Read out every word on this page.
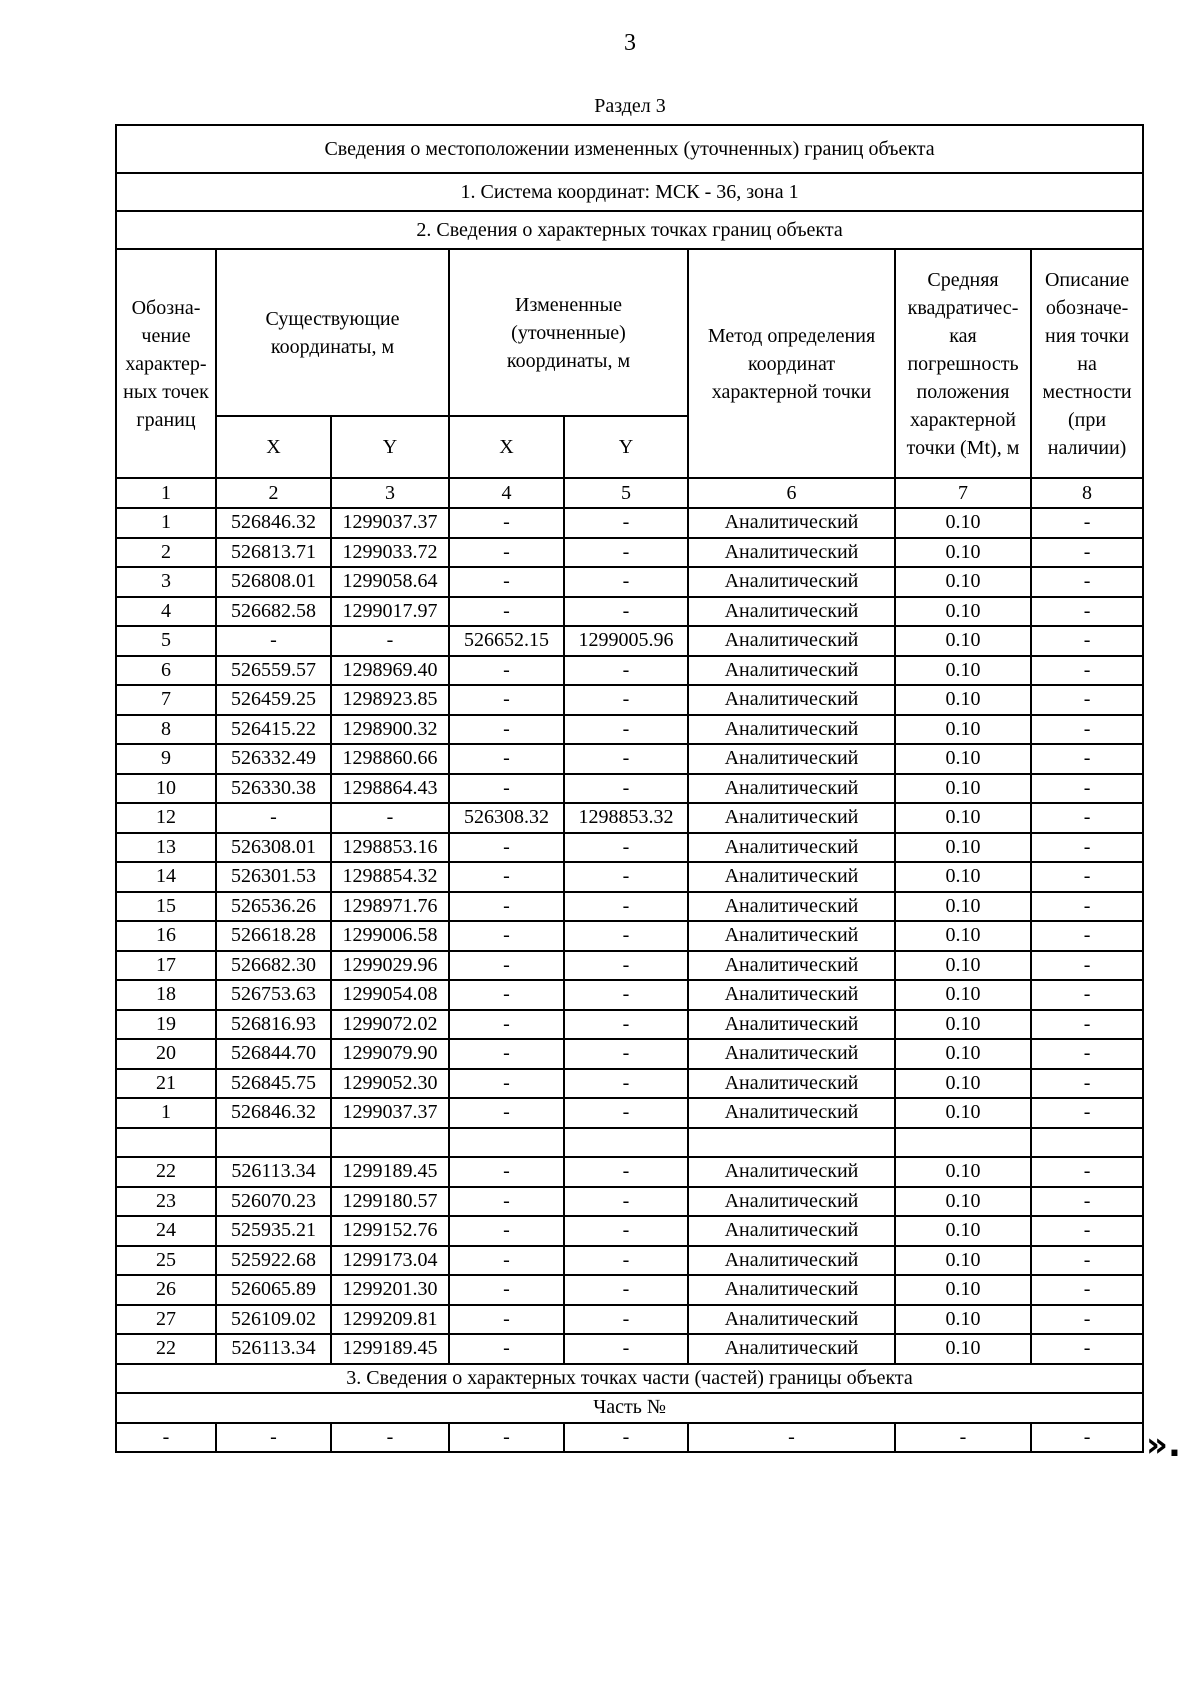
3
Раздел 3
Сведения о местоположении измененных (уточненных) границ объекта							
1. Система координат: МСК - 36, зона 1							
2. Сведения о характерных точках границ объекта							
Обозна-чение характер-ных точек границ	Существующие координаты, м		Измененные (уточненные) координаты, м		Метод определения координат характерной точки	Средняя квадратичес-кая погрешность положения характерной точки (Mt), м	Описание обозначе-ния точки на местности (при наличии)
	X	Y	X	Y			
1	2	3	4	5	6	7	8
1	526846.32	1299037.37	-	-	Аналитический	0.10	-
2	526813.71	1299033.72	-	-	Аналитический	0.10	-
3	526808.01	1299058.64	-	-	Аналитический	0.10	-
4	526682.58	1299017.97	-	-	Аналитический	0.10	-
5	-	-	526652.15	1299005.96	Аналитический	0.10	-
6	526559.57	1298969.40	-	-	Аналитический	0.10	-
7	526459.25	1298923.85	-	-	Аналитический	0.10	-
8	526415.22	1298900.32	-	-	Аналитический	0.10	-
9	526332.49	1298860.66	-	-	Аналитический	0.10	-
10	526330.38	1298864.43	-	-	Аналитический	0.10	-
12	-	-	526308.32	1298853.32	Аналитический	0.10	-
13	526308.01	1298853.16	-	-	Аналитический	0.10	-
14	526301.53	1298854.32	-	-	Аналитический	0.10	-
15	526536.26	1298971.76	-	-	Аналитический	0.10	-
16	526618.28	1299006.58	-	-	Аналитический	0.10	-
17	526682.30	1299029.96	-	-	Аналитический	0.10	-
18	526753.63	1299054.08	-	-	Аналитический	0.10	-
19	526816.93	1299072.02	-	-	Аналитический	0.10	-
20	526844.70	1299079.90	-	-	Аналитический	0.10	-
21	526845.75	1299052.30	-	-	Аналитический	0.10	-
1	526846.32	1299037.37	-	-	Аналитический	0.10	-

22	526113.34	1299189.45	-	-	Аналитический	0.10	-
23	526070.23	1299180.57	-	-	Аналитический	0.10	-
24	525935.21	1299152.76	-	-	Аналитический	0.10	-
25	525922.68	1299173.04	-	-	Аналитический	0.10	-
26	526065.89	1299201.30	-	-	Аналитический	0.10	-
27	526109.02	1299209.81	-	-	Аналитический	0.10	-
22	526113.34	1299189.45	-	-	Аналитический	0.10	-
3. Сведения о характерных точках части (частей) границы объекта							
Часть №							
-	-	-	-	-	-	-	- ».
